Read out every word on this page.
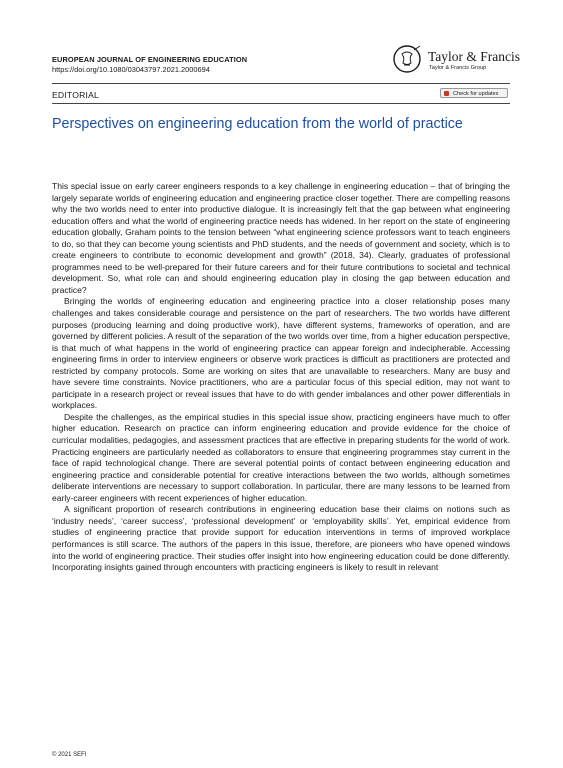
EUROPEAN JOURNAL OF ENGINEERING EDUCATION
https://doi.org/10.1080/03043797.2021.2000694
Taylor & Francis
Taylor & Francis Group
EDITORIAL	Check for updates
Perspectives on engineering education from the world of practice

This special issue on early career engineers responds to a key challenge in engineering education – that of bringing the largely separate worlds of engineering education and engineering practice closer together. There are compelling reasons why the two worlds need to enter into productive dialogue. It is increasingly felt that the gap between what engineering education offers and what the world of engineering practice needs has widened. In her report on the state of engineering education globally, Graham points to the tension between “what engineering science professors want to teach engineers to do, so that they can become young scientists and PhD students, and the needs of government and society, which is to create engineers to contribute to economic development and growth” (2018, 34). Clearly, graduates of professional programmes need to be well-prepared for their future careers and for their future contributions to societal and technical development. So, what role can and should engineering education play in closing the gap between education and practice?

Bringing the worlds of engineering education and engineering practice into a closer relationship poses many challenges and takes considerable courage and persistence on the part of researchers. The two worlds have different purposes (producing learning and doing productive work), have different systems, frameworks of operation, and are governed by different policies. A result of the separation of the two worlds over time, from a higher education perspective, is that much of what happens in the world of engineering practice can appear foreign and indecipherable. Accessing engineering firms in order to interview engineers or observe work practices is difficult as practitioners are protected and restricted by company protocols. Some are working on sites that are unavailable to researchers. Many are busy and have severe time constraints. Novice practitioners, who are a particular focus of this special edition, may not want to participate in a research project or reveal issues that have to do with gender imbalances and other power differentials in workplaces.

Despite the challenges, as the empirical studies in this special issue show, practicing engineers have much to offer higher education. Research on practice can inform engineering education and provide evidence for the choice of curricular modalities, pedagogies, and assessment practices that are effective in preparing students for the world of work. Practicing engineers are particularly needed as collaborators to ensure that engineering programmes stay current in the face of rapid technological change. There are several potential points of contact between engineering education and engineering practice and considerable potential for creative interactions between the two worlds, although sometimes deliberate interventions are necessary to support collaboration. In particular, there are many lessons to be learned from early-career engineers with recent experiences of higher education.

A significant proportion of research contributions in engineering education base their claims on notions such as ‘industry needs’, ‘career success’, ‘professional development’ or ‘employability skills’. Yet, empirical evidence from studies of engineering practice that provide support for education interventions in terms of improved workplace performances is still scarce. The authors of the papers in this issue, therefore, are pioneers who have opened windows into the world of engineering practice. Their studies offer insight into how engineering education could be done differently. Incorporating insights gained through encounters with practicing engineers is likely to result in relevant

© 2021 SEFI
